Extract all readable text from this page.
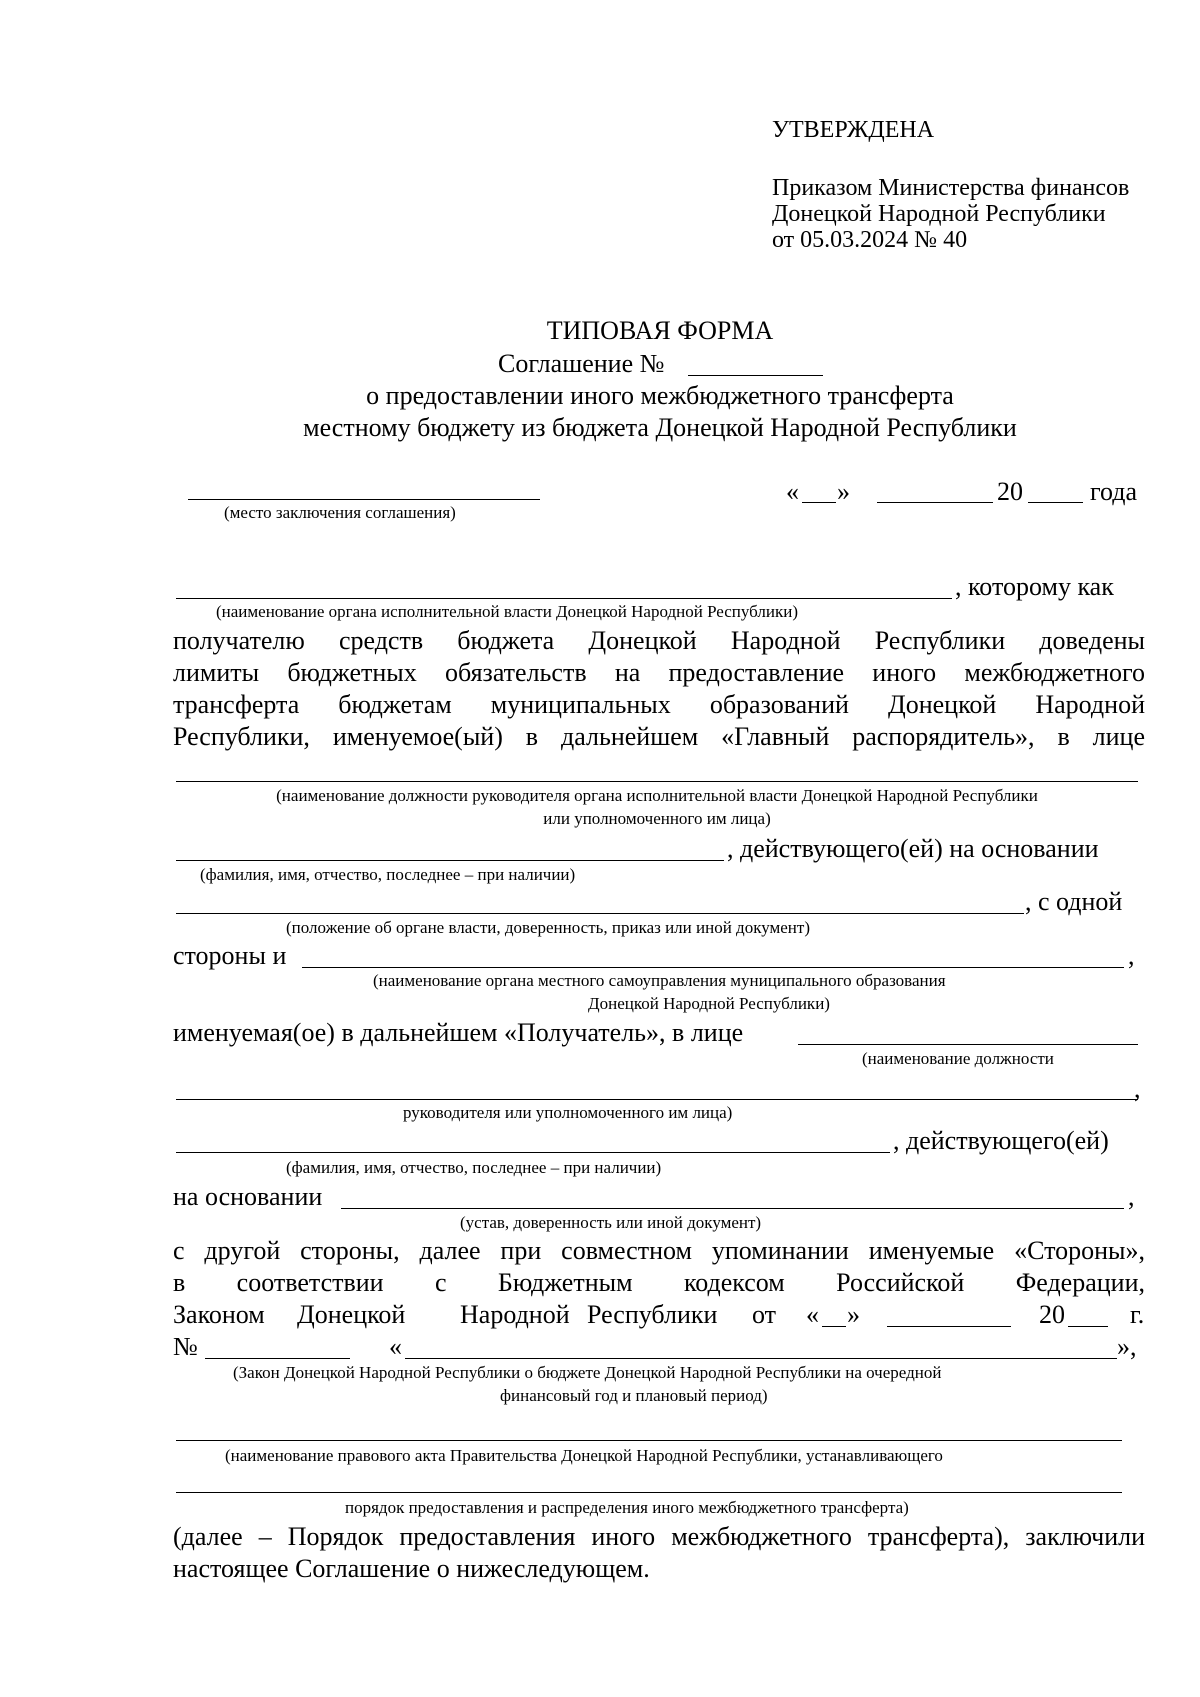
УТВЕРЖДЕНА
Приказом Министерства финансов
Донецкой Народной Республики
от 05.03.2024 № 40
ТИПОВАЯ ФОРМА
Соглашение №
о предоставлении иного межбюджетного трансферта
местному бюджету из бюджета Донецкой Народной Республики
(место заключения соглашения)
« »	20	года
, которому как
(наименование органа исполнительной власти Донецкой Народной Республики)
получателю средств бюджета Донецкой Народной Республики доведены
лимиты бюджетных обязательств на предоставление иного межбюджетного
трансферта бюджетам муниципальных образований Донецкой Народной
Республики, именуемое(ый) в дальнейшем «Главный распорядитель», в лице
(наименование должности руководителя органа исполнительной власти Донецкой Народной Республики
или уполномоченного им лица)
, действующего(ей) на основании
(фамилия, имя, отчество, последнее – при наличии)
, с одной
(положение об органе власти, доверенность, приказ или иной документ)
стороны и	,
(наименование органа местного самоуправления муниципального образования
Донецкой Народной Республики)
именуемая(ое) в дальнейшем «Получатель», в лице
(наименование должности
,
руководителя или уполномоченного им лица)
, действующего(ей)
(фамилия, имя, отчество, последнее – при наличии)
на основании	,
(устав, доверенность или иной документ)
с другой стороны, далее при совместном упоминании именуемые «Стороны»,
в соответствии с Бюджетным кодексом Российской Федерации,
Законом Донецкой Народной Республики от « »	20	г.
№	«	»,
(Закон Донецкой Народной Республики о бюджете Донецкой Народной Республики на очередной
финансовый год и плановый период)
(наименование правового акта Правительства Донецкой Народной Республики, устанавливающего
порядок предоставления и распределения иного межбюджетного трансферта)
(далее – Порядок предоставления иного межбюджетного трансферта), заключили
настоящее Соглашение о нижеследующем.
